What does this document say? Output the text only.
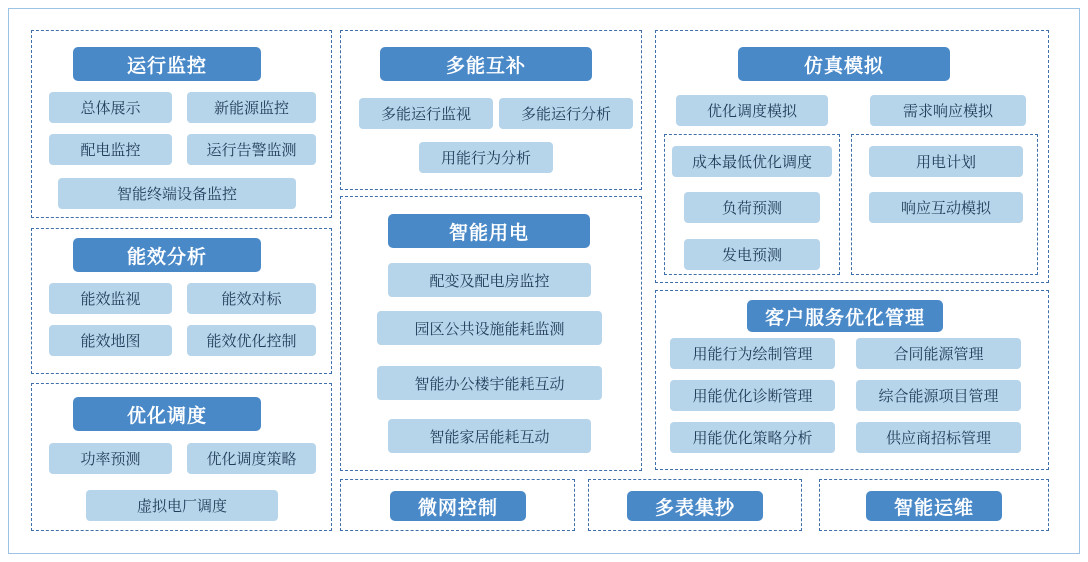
运行监控
总体展示	新能源监控
配电监控	运行告警监测
智能终端设备监控
能效分析
能效监视	能效对标
能效地图	能效优化控制
优化调度
功率预测	优化调度策略
虚拟电厂调度
多能互补
多能运行监视	多能运行分析
用能行为分析
智能用电
配变及配电房监控
园区公共设施能耗监测
智能办公楼宇能耗互动
智能家居能耗互动
微网控制	多表集抄	智能运维
仿真模拟
优化调度模拟	需求响应模拟
成本最低优化调度
负荷预测
发电预测
用电计划
响应互动模拟
客户服务优化管理
用能行为绘制管理	合同能源管理
用能优化诊断管理	综合能源项目管理
用能优化策略分析	供应商招标管理
